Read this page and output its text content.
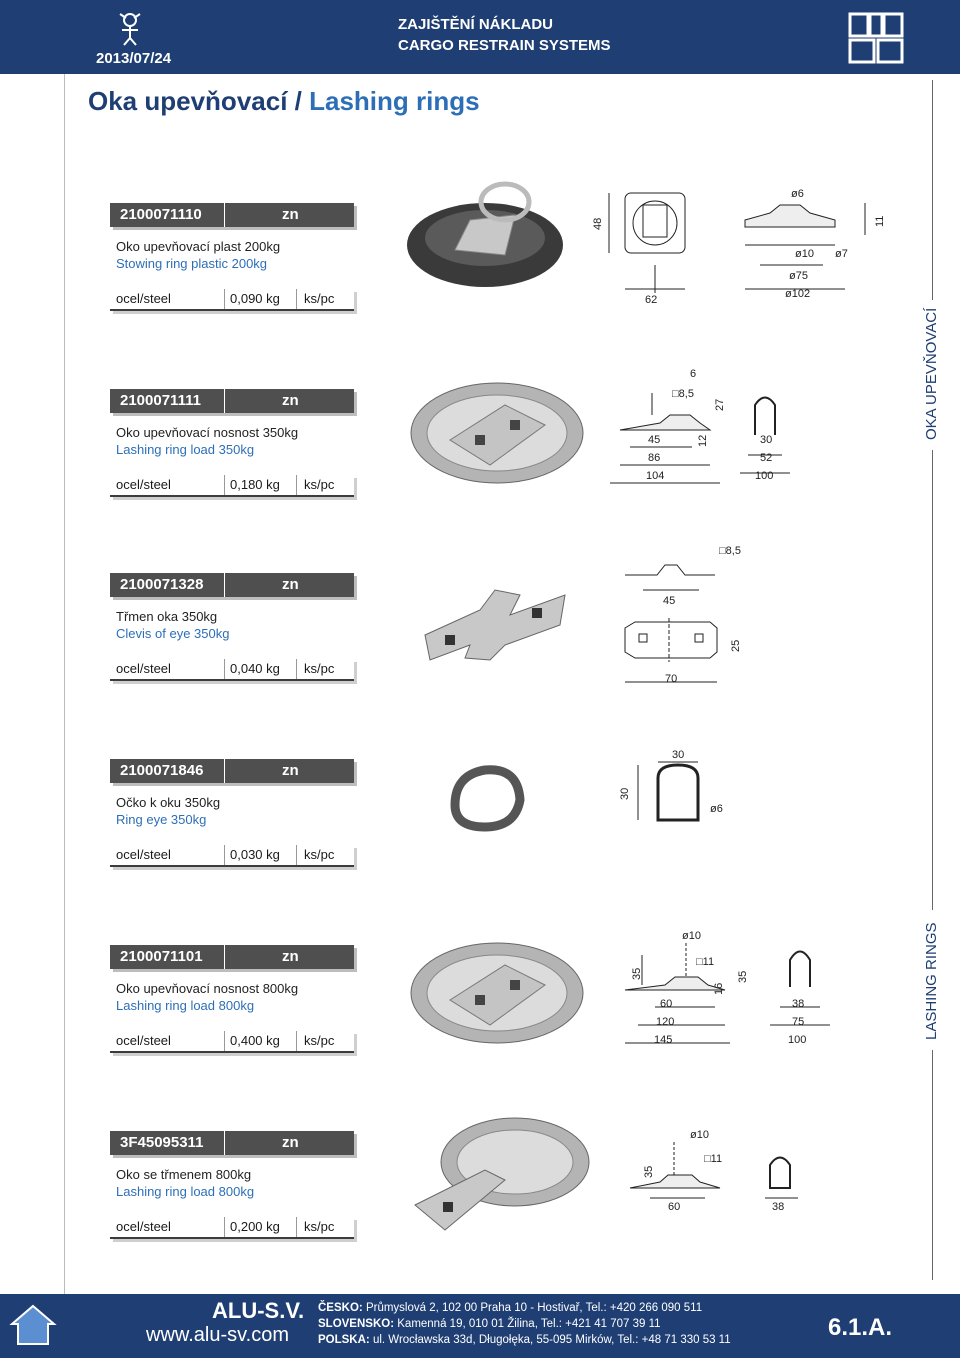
2013/07/24
ZAJIŠTĚNÍ NÁKLADU
CARGO RESTRAIN SYSTEMS
Oka upevňovací / Lashing rings
OKA UPEVŇOVACÍ
LASHING RINGS
2100071110	zn
Oko upevňovací plast 200kg
Stowing ring plastic 200kg
ocel/steel	0,090 kg ks/pc
2100071111	zn
Oko upevňovací nosnost 350kg
Lashing ring load 350kg
ocel/steel	0,180 kg ks/pc
2100071328	zn
Třmen oka 350kg
Clevis of eye 350kg
ocel/steel	0,040 kg ks/pc
2100071846	zn
Očko k oku 350kg
Ring eye 350kg
ocel/steel	0,030 kg ks/pc
2100071101	zn
Oko upevňovací nosnost 800kg
Lashing ring load 800kg
ocel/steel	0,400 kg ks/pc
3F45095311	zn
Oko se třmenem 800kg
Lashing ring load 800kg
ocel/steel	0,200 kg ks/pc
48
62
ø6
ø10 ø7
ø75
ø102
11
6
□8,5
27
45
86
104
12	30
52
100
□8,5
45
25
70
30
30
ø6
ø10
□11
35
16
35
60
120
145
38
75
100
ø10
□11
35
60	38
ALU-S.V.
www.alu-sv.com
ČESKO: Průmyslová 2, 102 00 Praha 10 - Hostivař, Tel.: +420 266 090 511
SLOVENSKO: Kamenná 19, 010 01 Žilina, Tel.: +421 41 707 39 11
POLSKA: ul. Wrocławska 33d, Długołęka, 55-095 Mirków, Tel.: +48 71 330 53 11	6.1.A.
